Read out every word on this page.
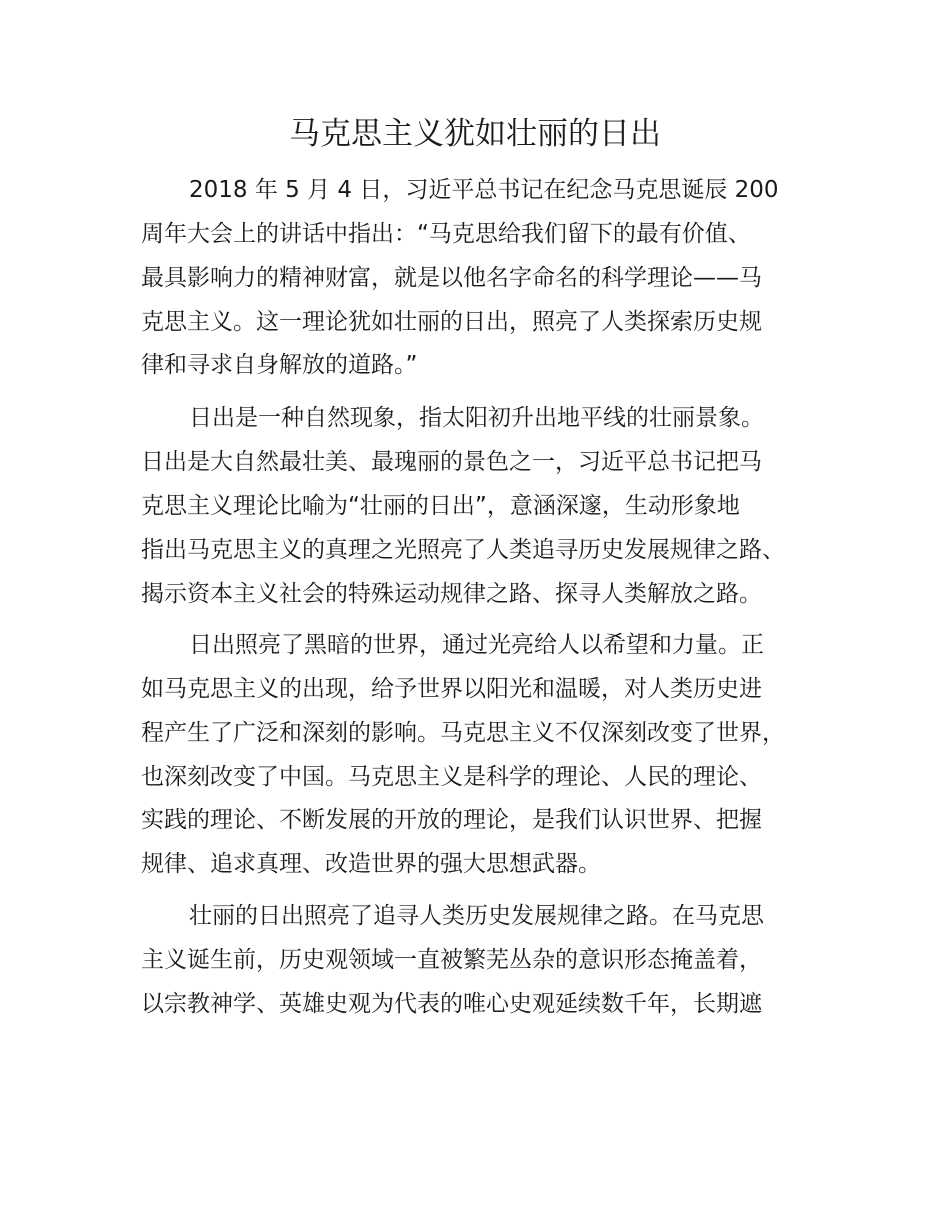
马克思主义犹如壮丽的日出
2018 年 5 月 4 日，习近平总书记在纪念马克思诞辰 200
周年大会上的讲话中指出：“马克思给我们留下的最有价值、
最具影响力的精神财富，就是以他名字命名的科学理论——马
克思主义。这一理论犹如壮丽的日出，照亮了人类探索历史规
律和寻求自身解放的道路。”
日出是一种自然现象，指太阳初升出地平线的壮丽景象。
日出是大自然最壮美、最瑰丽的景色之一，习近平总书记把马
克思主义理论比喻为“壮丽的日出”，意涵深邃，生动形象地
指出马克思主义的真理之光照亮了人类追寻历史发展规律之路、
揭示资本主义社会的特殊运动规律之路、探寻人类解放之路。
日出照亮了黑暗的世界，通过光亮给人以希望和力量。正
如马克思主义的出现，给予世界以阳光和温暖，对人类历史进
程产生了广泛和深刻的影响。马克思主义不仅深刻改变了世界，
也深刻改变了中国。马克思主义是科学的理论、人民的理论、
实践的理论、不断发展的开放的理论，是我们认识世界、把握
规律、追求真理、改造世界的强大思想武器。
壮丽的日出照亮了追寻人类历史发展规律之路。在马克思
主义诞生前，历史观领域一直被繁芜丛杂的意识形态掩盖着，
以宗教神学、英雄史观为代表的唯心史观延续数千年，长期遮
